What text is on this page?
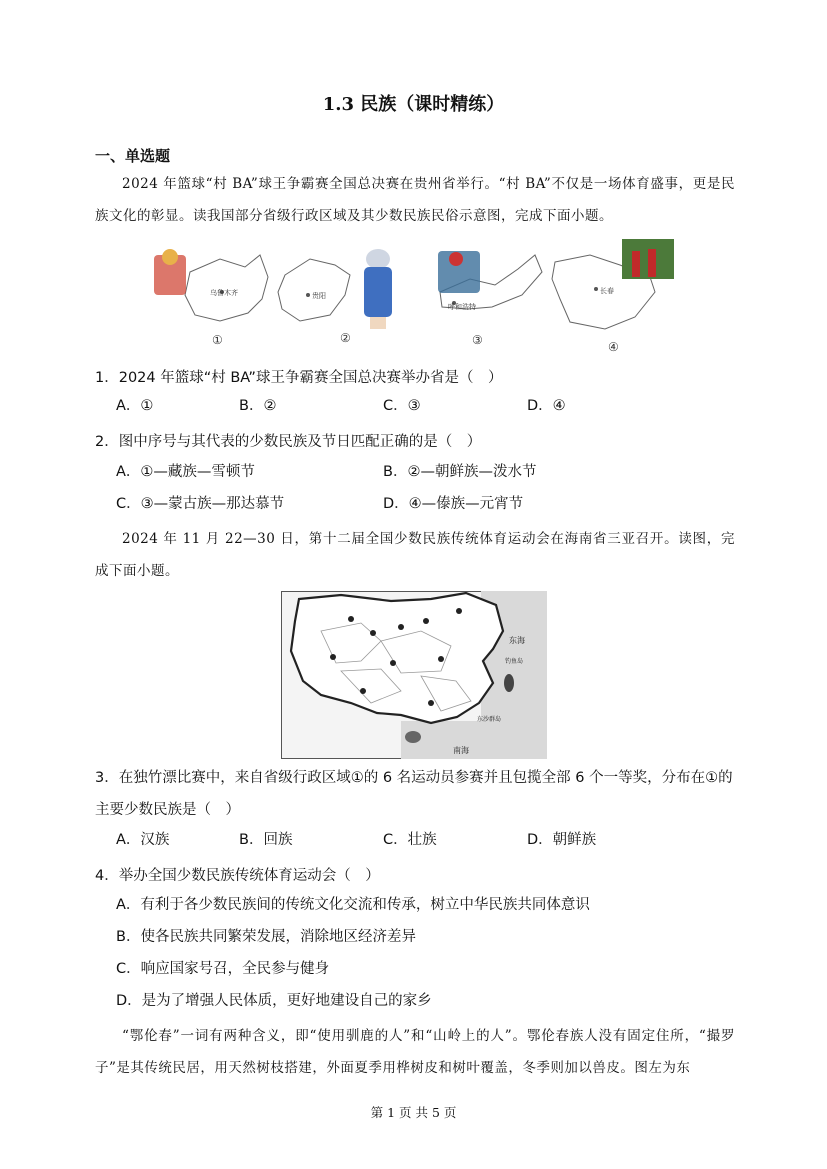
1.3 民族（课时精练）
一、单选题
2024 年篮球“村 BA”球王争霸赛全国总决赛在贵州省举行。“村 BA”不仅是一场体育盛事，更是民族文化的彰显。读我国部分省级行政区域及其少数民族民俗示意图，完成下面小题。
乌鲁木齐
①
贵阳
②
呼和浩特
③
长春
④
1．2024 年篮球“村 BA”球王争霸赛全国总决赛举办省是（　）
A．①	B．②	C．③	D．④
2．图中序号与其代表的少数民族及节日匹配正确的是（　）
A．①—藏族—雪顿节	B．②—朝鲜族—泼水节
C．③—蒙古族—那达慕节	D．④—傣族—元宵节
2024 年 11 月 22—30 日，第十二届全国少数民族传统体育运动会在海南省三亚召开。读图，完成下面小题。
东海
钓鱼岛
东沙群岛
南海
3．在独竹漂比赛中，来自省级行政区域①的 6 名运动员参赛并且包揽全部 6 个一等奖，分布在①的主要少数民族是（　）
A．汉族	B．回族	C．壮族	D．朝鲜族
4．举办全国少数民族传统体育运动会（　）
A．有利于各少数民族间的传统文化交流和传承，树立中华民族共同体意识
B．使各民族共同繁荣发展，消除地区经济差异
C．响应国家号召，全民参与健身
D．是为了增强人民体质，更好地建设自己的家乡
“鄂伦春”一词有两种含义，即“使用驯鹿的人”和“山岭上的人”。鄂伦春族人没有固定住所，“撮罗子”是其传统民居，用天然树枝搭建，外面夏季用桦树皮和树叶覆盖，冬季则加以兽皮。图左为东
第 1 页 共 5 页
